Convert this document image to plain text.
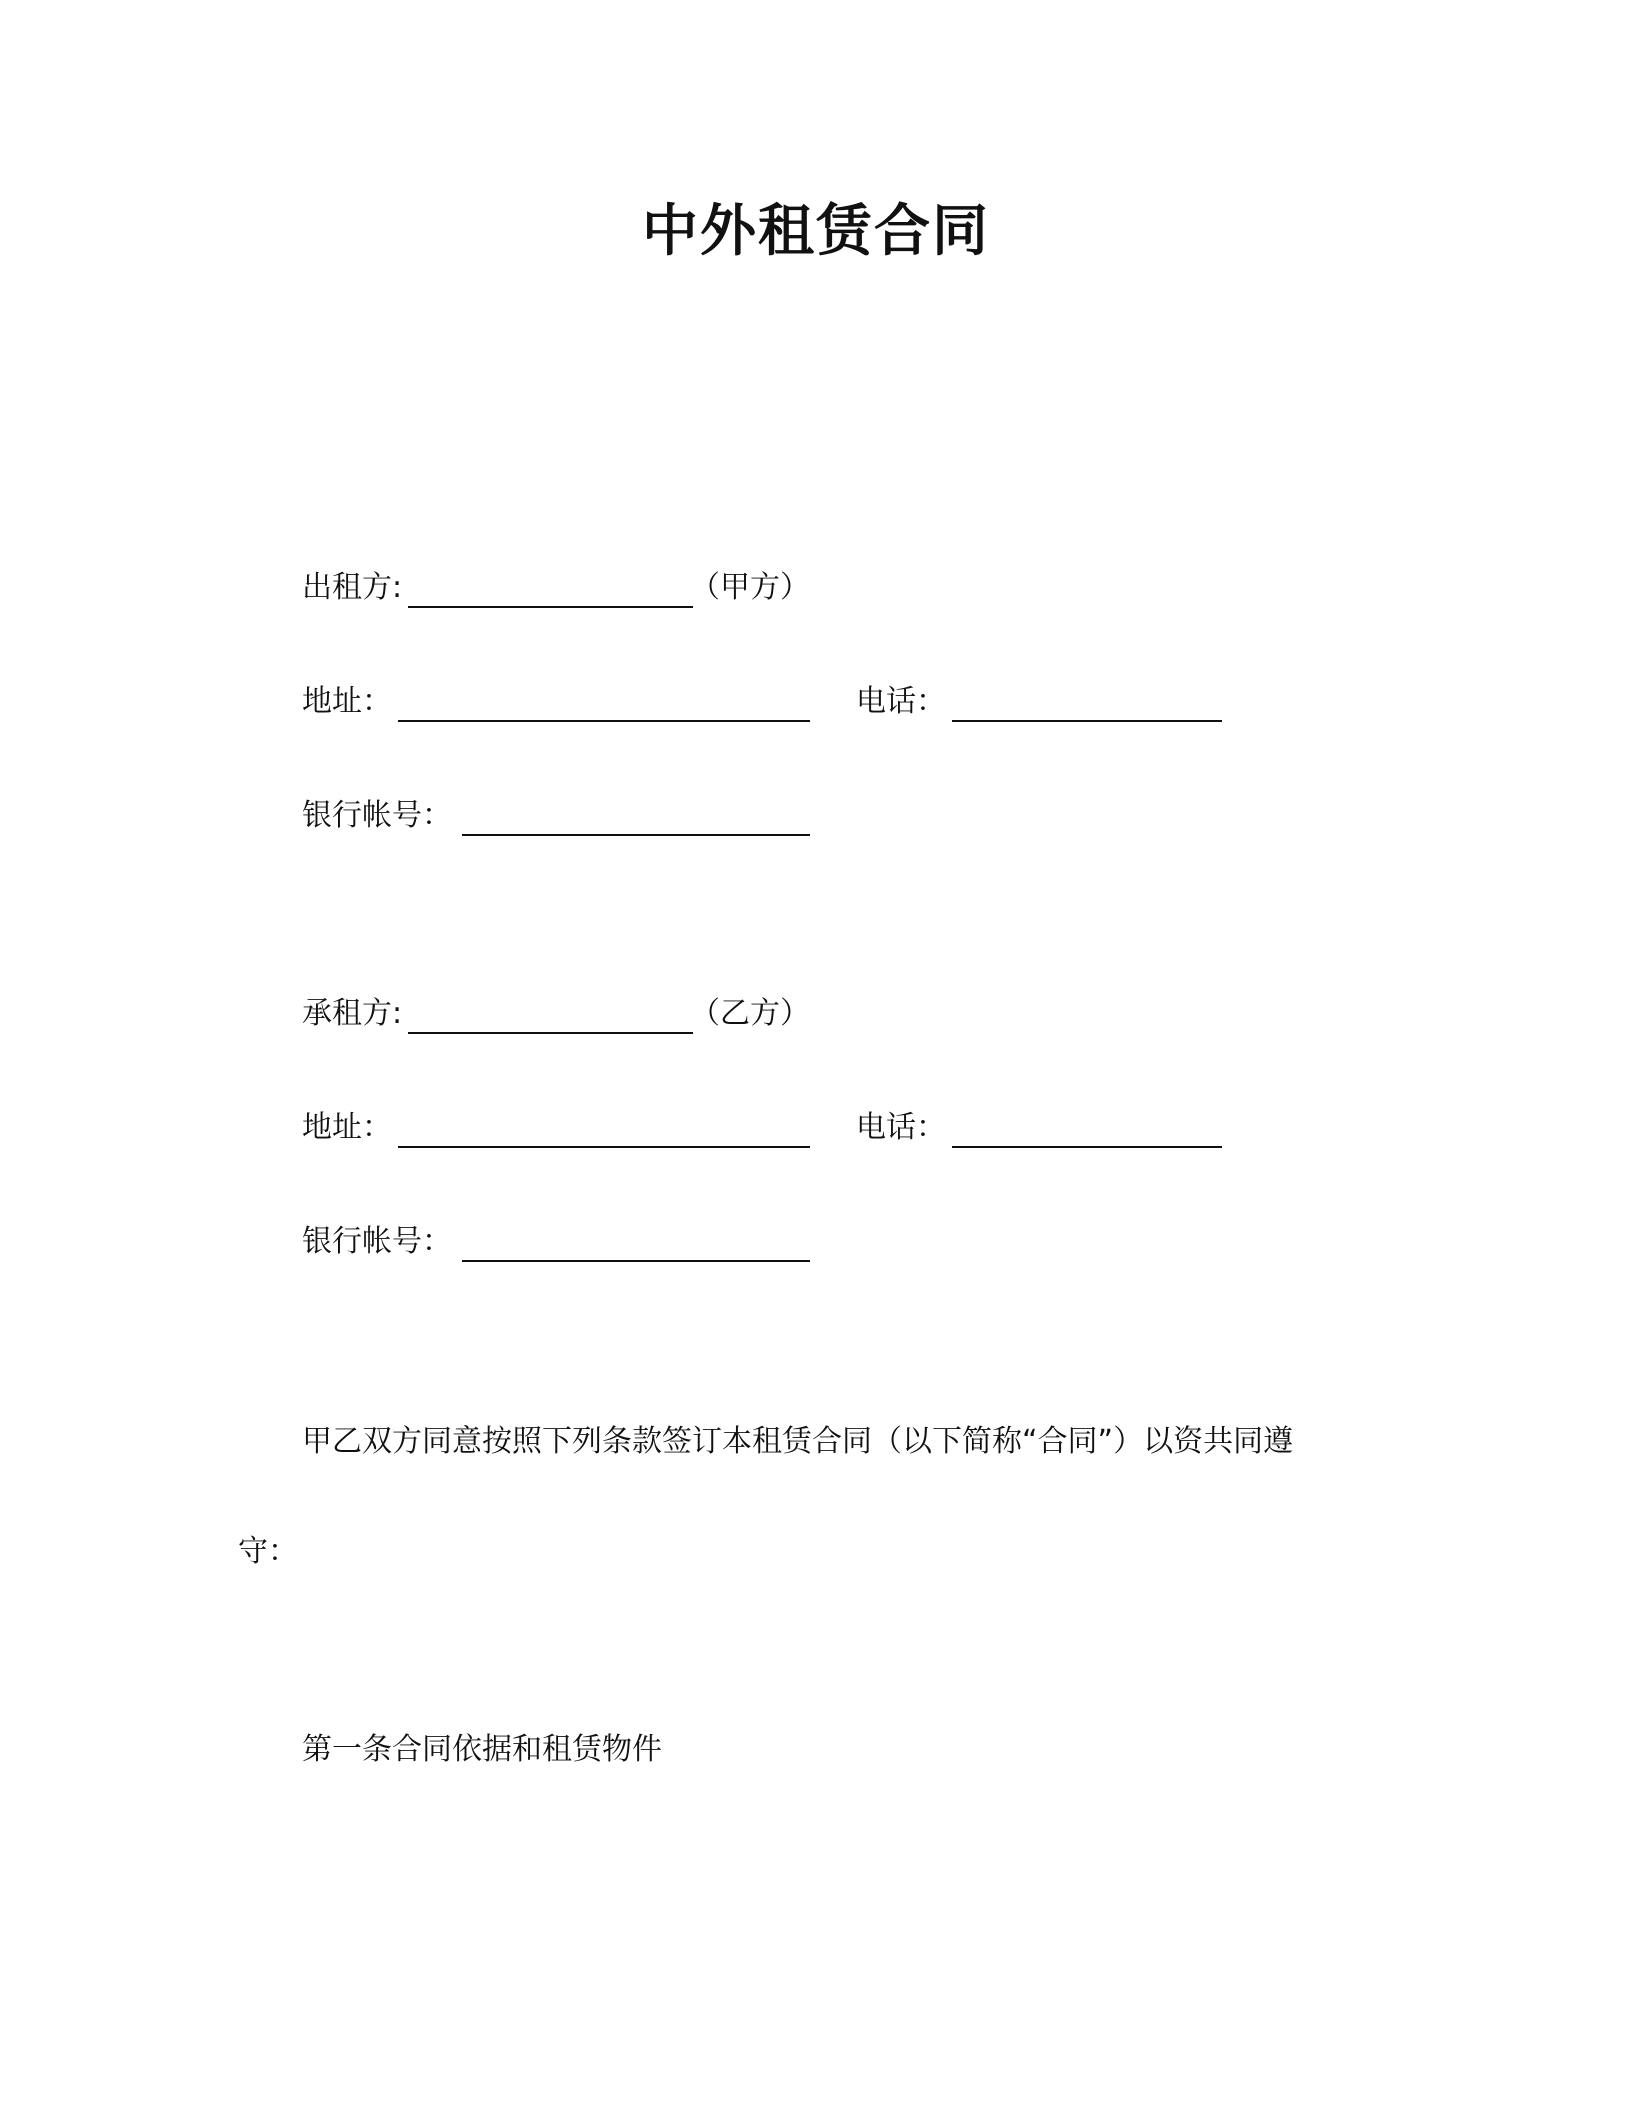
中外租赁合同
出租方:	（甲方）
地址：	电话：
银行帐号：
承租方:	（乙方）
地址：	电话：
银行帐号：
甲乙双方同意按照下列条款签订本租赁合同（以下简称“合同”）以资共同遵
守：
第一条合同依据和租赁物件
